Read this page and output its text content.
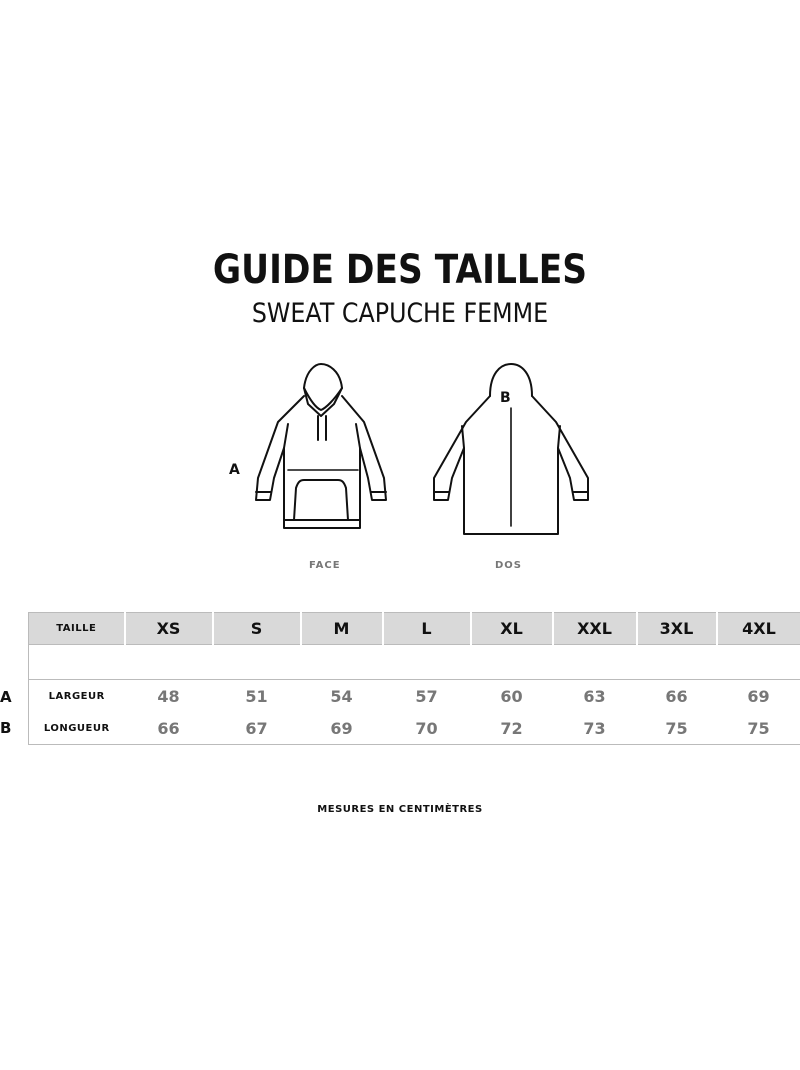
GUIDE DES TAILLES
SWEAT CAPUCHE FEMME
A
B
FACE	DOS
TAILLE	XS	S	M	L	XL	XXL	3XL	4XL

LARGEUR	48	51	54	57	60	63	66	69
LONGUEUR	66	67	69	70	72	73	75	75
A
B
MESURES EN CENTIMÈTRES
